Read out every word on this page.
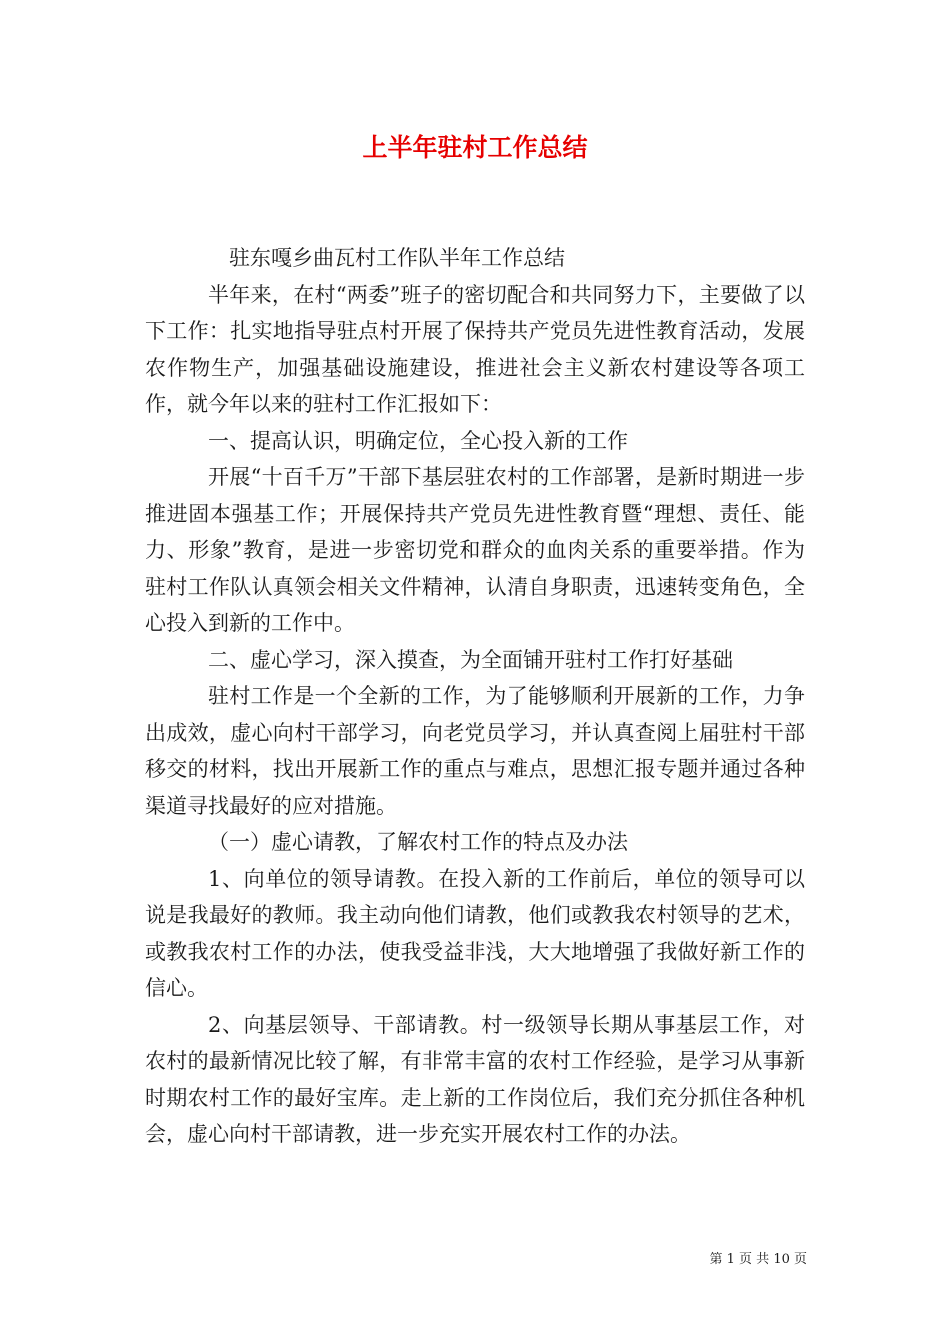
上半年驻村工作总结

驻东嘎乡曲瓦村工作队半年工作总结

半年来，在村“两委”班子的密切配合和共同努力下，主要做了以下工作：扎实地指导驻点村开展了保持共产党员先进性教育活动，发展农作物生产，加强基础设施建设，推进社会主义新农村建设等各项工作，就今年以来的驻村工作汇报如下：

一、提高认识，明确定位，全心投入新的工作

开展“十百千万”干部下基层驻农村的工作部署，是新时期进一步推进固本强基工作；开展保持共产党员先进性教育暨“理想、责任、能力、形象”教育，是进一步密切党和群众的血肉关系的重要举措。作为驻村工作队认真领会相关文件精神，认清自身职责，迅速转变角色，全心投入到新的工作中。

二、虚心学习，深入摸查，为全面铺开驻村工作打好基础

驻村工作是一个全新的工作，为了能够顺利开展新的工作，力争出成效，虚心向村干部学习，向老党员学习，并认真查阅上届驻村干部移交的材料，找出开展新工作的重点与难点，思想汇报专题并通过各种渠道寻找最好的应对措施。

（一）虚心请教，了解农村工作的特点及办法

1、向单位的领导请教。在投入新的工作前后，单位的领导可以说是我最好的教师。我主动向他们请教，他们或教我农村领导的艺术，或教我农村工作的办法，使我受益非浅，大大地增强了我做好新工作的信心。

2、向基层领导、干部请教。村一级领导长期从事基层工作，对农村的最新情况比较了解，有非常丰富的农村工作经验，是学习从事新时期农村工作的最好宝库。走上新的工作岗位后，我们充分抓住各种机会，虚心向村干部请教，进一步充实开展农村工作的办法。

第 1 页 共 10 页
